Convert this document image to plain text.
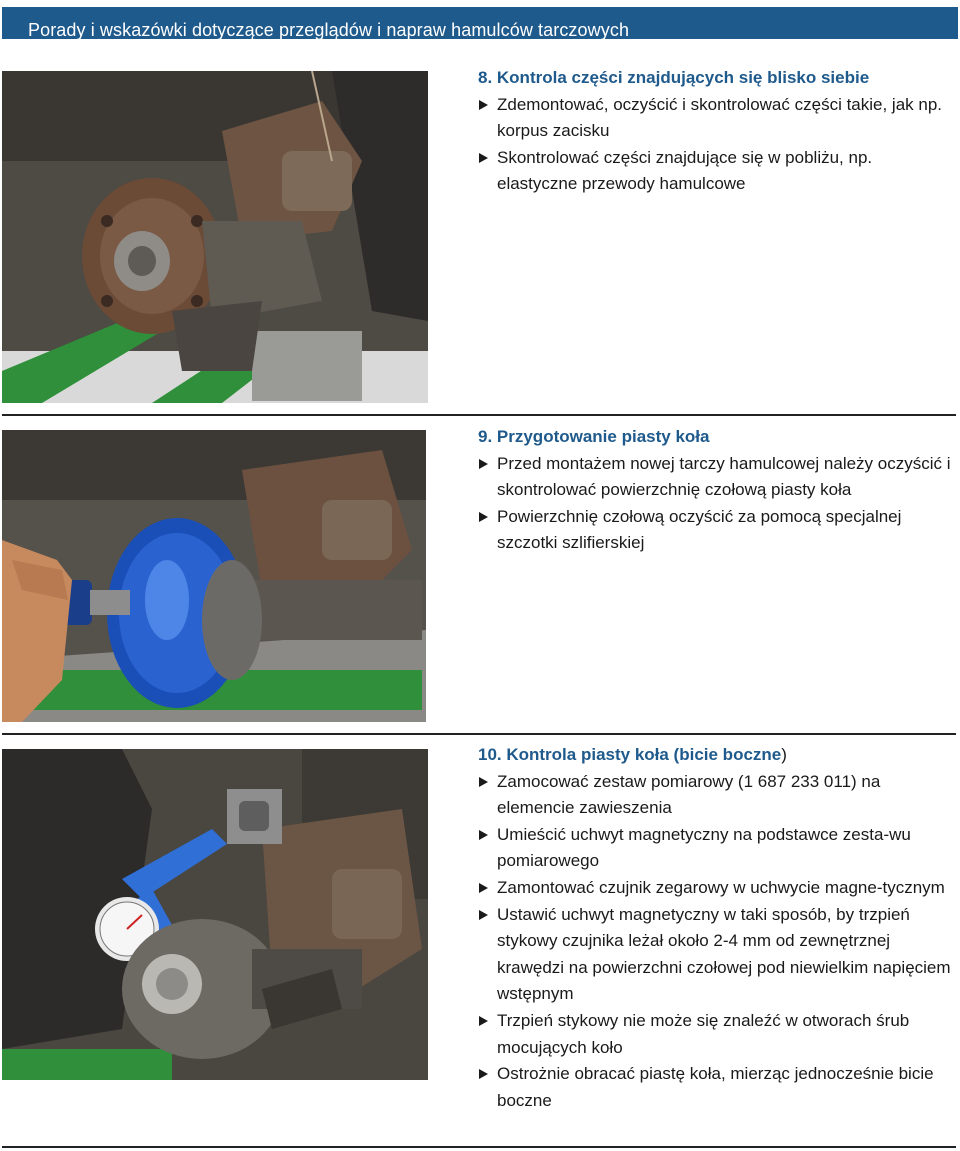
Porady i wskazówki dotyczące przeglądów i napraw hamulców tarczowych

8. Kontrola części znajdujących się blisko siebie

Zdemontować, oczyścić i skontrolować części takie, jak np. korpus zacisku
Skontrolować części znajdujące się w pobliżu, np. elastyczne przewody hamulcowe

9. Przygotowanie piasty koła

Przed montażem nowej tarczy hamulcowej należy oczyścić i skontrolować powierzchnię czołową piasty koła
Powierzchnię czołową oczyścić za pomocą specjalnej szczotki szlifierskiej

10. Kontrola piasty koła (bicie boczne)

Zamocować zestaw pomiarowy (1 687 233 011) na elemencie zawieszenia
Umieścić uchwyt magnetyczny na podstawce zesta-wu pomiarowego
Zamontować czujnik zegarowy w uchwycie magne-tycznym
Ustawić uchwyt magnetyczny w taki sposób, by trzpień stykowy czujnika leżał około 2-4 mm od zewnętrznej krawędzi na powierzchni czołowej pod niewielkim napięciem wstępnym
Trzpień stykowy nie może się znaleźć w otworach śrub mocujących koło
Ostrożnie obracać piastę koła, mierząc jednocześnie bicie boczne
